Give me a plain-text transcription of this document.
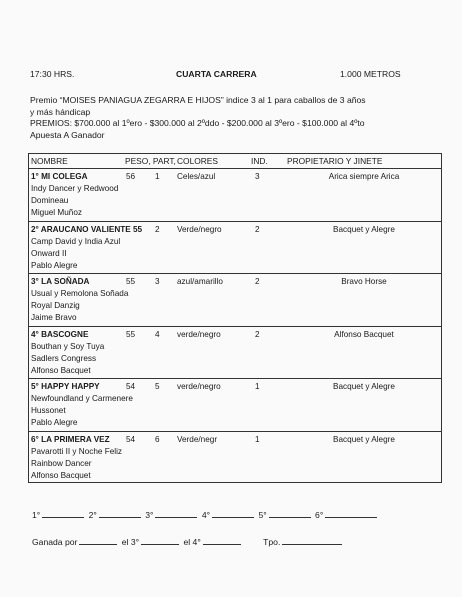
17:30 HRS.	CUARTA CARRERA	1.000 METROS
Premio “MOISES PANIAGUA ZEGARRA E HIJOS” indice 3 al 1 para caballos de 3 años
y más hándicap
PREMIOS: $700.000 al 1ºero - $300.000 al 2ºddo - $200.000 al 3ºero - $100.000 al 4ºto
Apuesta A Ganador
NOMBRE	PESO, PART, COLORES	IND. PROPIETARIO Y JINETE
1° MI COLEGA	56 1 Celes/azul	3	Arica siempre Arica
Indy Dancer y Redwood
Domineau
Miguel Muñoz
2° ARAUCANO VALIENTE 55 2 Verde/negro	2	Bacquet y Alegre
Camp David y India Azul
Onward II
Pablo Alegre
3° LA SOÑADA	55 3 azul/amarillo	2	Bravo Horse
Usual y Remolona Soñada
Royal Danzig
Jaime Bravo
4° BASCOGNE	55 4 verde/negro	2	Alfonso Bacquet
Bouthan y Soy Tuya
Sadlers Congress
Alfonso Bacquet
5° HAPPY HAPPY	54 5 verde/negro	1	Bacquet y Alegre
Newfoundland y Carmenere
Hussonet
Pablo Alegre
6° LA PRIMERA VEZ 54 6 Verde/negr	1	Bacquet y Alegre
Pavarotti II y Noche Feliz
Rainbow Dancer
Alfonso Bacquet
1°	2°	3°	4°	5°	6°
Ganada por	el 3°	el 4°	Tpo.
